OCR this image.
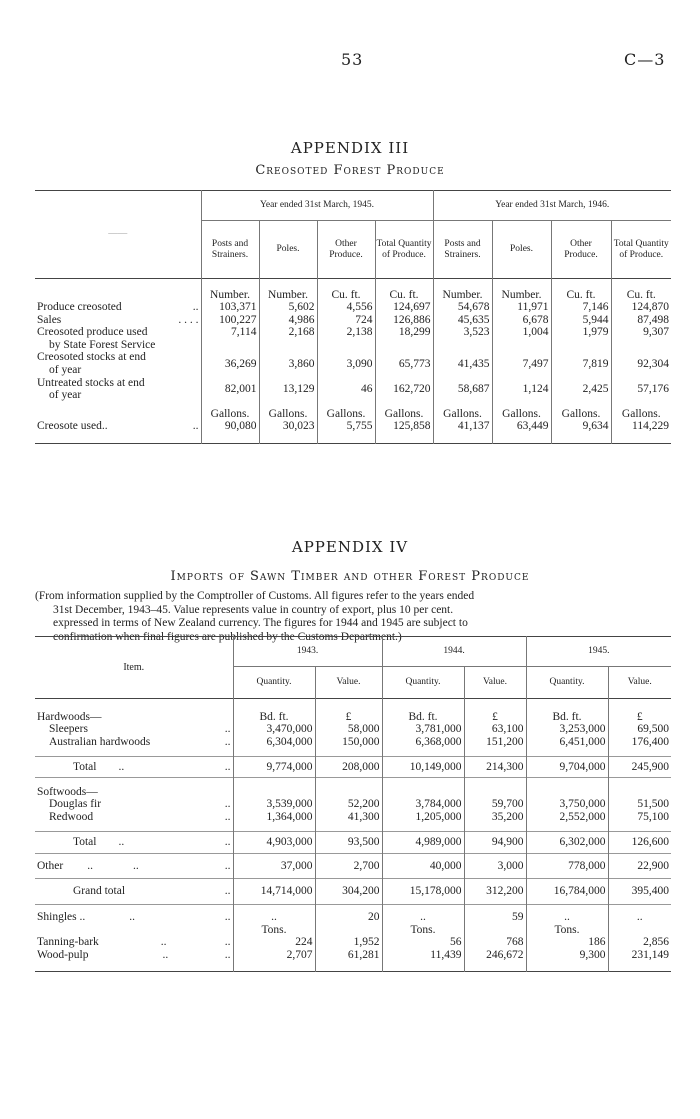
53	C—3
APPENDIX III
Creosoted Forest Produce
——	Year ended 31st March, 1945.				Year ended 31st March, 1946.			
	Posts and Strainers.	Poles.	Other Produce.	Total Quantity of Produce.	Posts and Strainers.	Poles.	Other Produce.	Total Quantity of Produce.

	Number.	Number.	Cu. ft.	Cu. ft.	Number.	Number.	Cu. ft.	Cu. ft.
Produce creosoted ..	103,371	5,602	4,556	124,697	54,678	11,971	7,146	124,870
Sales . . . .	100,227	4,986	724	126,886	45,635	6,678	5,944	87,498
Creosoted produce used
by State Forest Service	7,114	2,168	2,138	18,299	3,523	1,004	1,979	9,307
Creosoted stocks at end
of year	36,269	3,860	3,090	65,773	41,435	7,497	7,819	92,304
Untreated stocks at end
of year	82,001	13,129	46	162,720	58,687	1,124	2,425	57,176

	Gallons.	Gallons.	Gallons.	Gallons.	Gallons.	Gallons.	Gallons.	Gallons.
Creosote used.. ..	90,080	30,023	5,755	125,858	41,137	63,449	9,634	114,229
APPENDIX IV
Imports of Sawn Timber and other Forest Produce
(From information supplied by the Comptroller of Customs. All figures refer to the years ended
31st December, 1943–45. Value represents value in country of export, plus 10 per cent.
expressed in terms of New Zealand currency. The figures for 1944 and 1945 are subject to
confirmation when final figures are published by the Customs Department.)
Item.	1943.		1944.		1945.	
	Quantity.	Value.	Quantity.	Value.	Quantity.	Value.

Hardwoods—	Bd. ft.	£	Bd. ft.	£	Bd. ft.	£
Sleepers ..	3,470,000	58,000	3,781,000	63,100	3,253,000	69,500
Australian hardwoods ..	6,304,000	150,000	6,368,000	151,200	6,451,000	176,400

Total .. ..	9,774,000	208,000	10,149,000	214,300	9,704,000	245,900

Softwoods—						
Douglas fir ..	3,539,000	52,200	3,784,000	59,700	3,750,000	51,500
Redwood ..	1,364,000	41,300	1,205,000	35,200	2,552,000	75,100

Total .. ..	4,903,000	93,500	4,989,000	94,900	6,302,000	126,600
Other .. .. ..	37,000	2,700	40,000	3,000	778,000	22,900
Grand total ..	14,714,000	304,200	15,178,000	312,200	16,784,000	395,400
Shingles .. .. ..	..	20	..	59	..	..
	Tons.		Tons.		Tons.	
Tanning-bark .. ..	224	1,952	56	768	186	2,856
Wood-pulp .. ..	2,707	61,281	11,439	246,672	9,300	231,149
